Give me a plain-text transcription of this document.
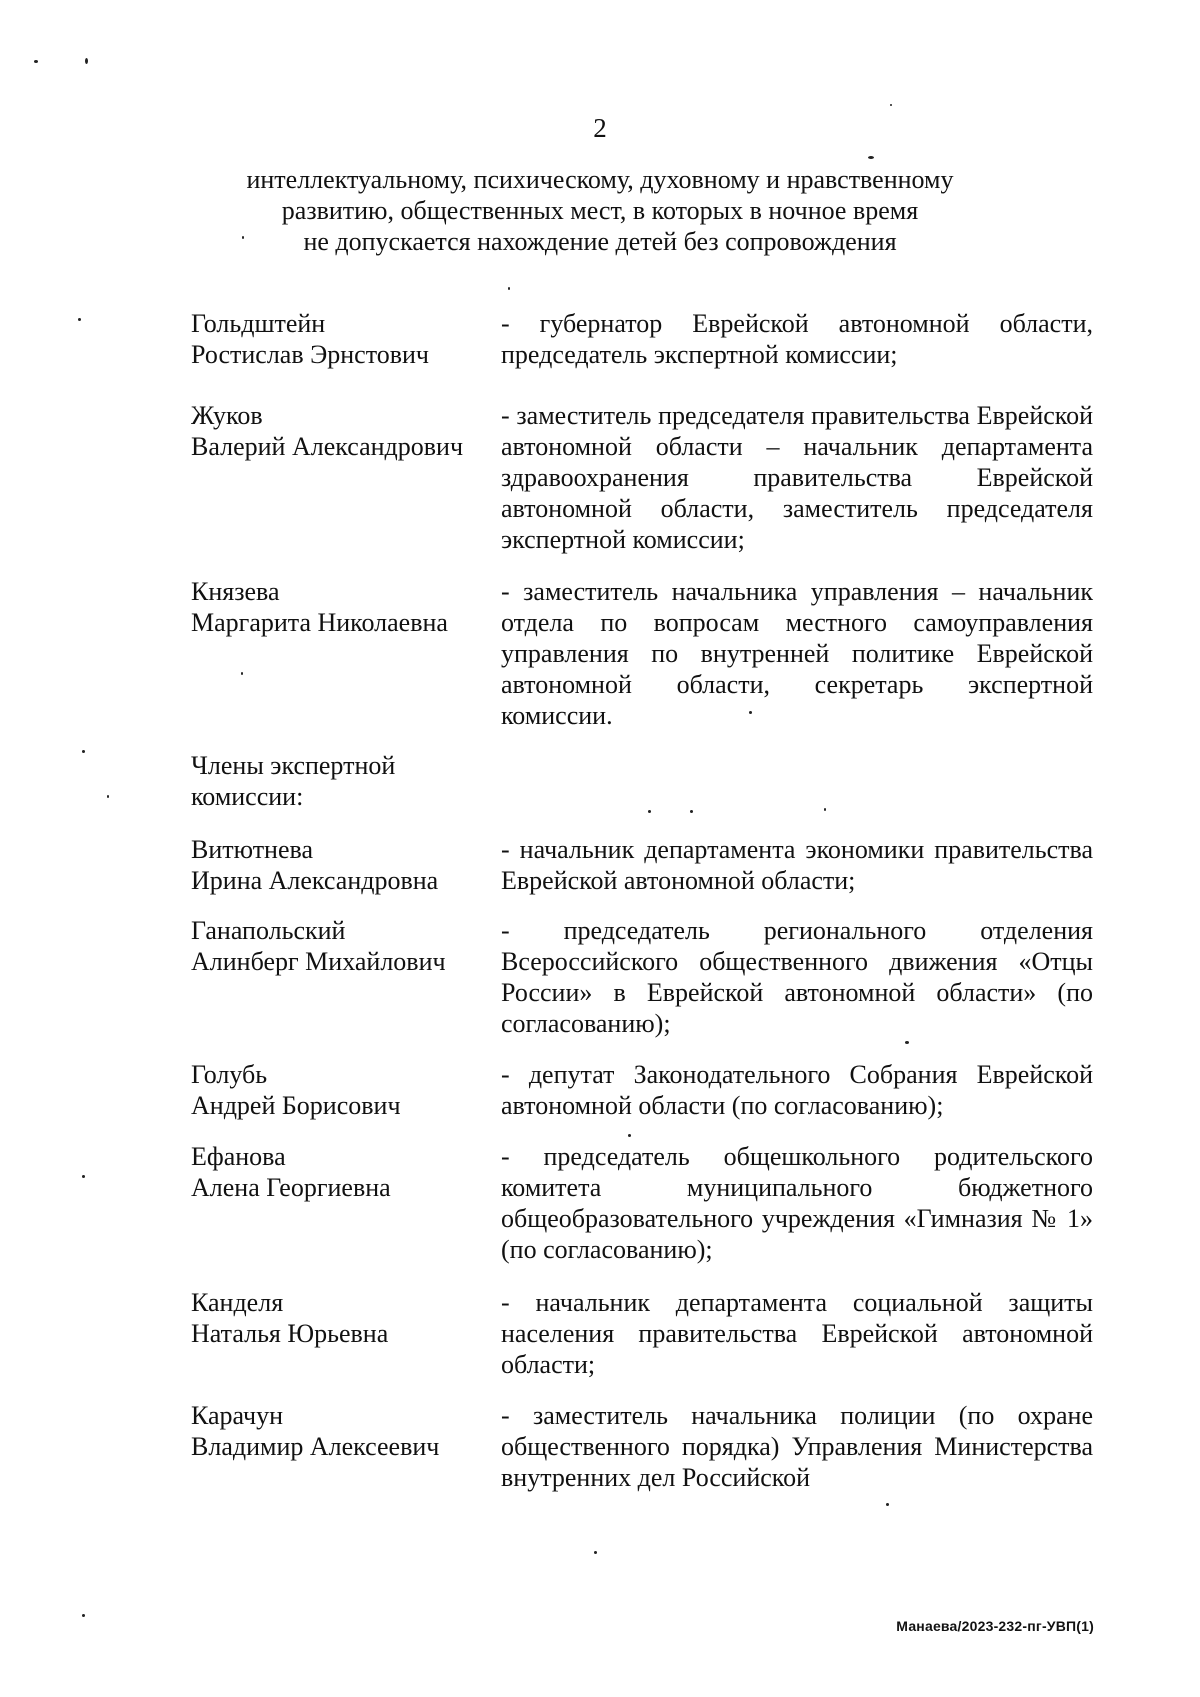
2
интеллектуальному, психическому, духовному и нравственному
развитию, общественных мест, в которых в ночное время
не допускается нахождение детей без сопровождения
Гольдштейн
Ростислав Эрнстович
- губернатор Еврейской автономной области, председатель экспертной комиссии;
Жуков
Валерий Александрович
- заместитель председателя правительства Еврейской автономной области – начальник департамента здравоохранения правительства Еврейской автономной области, заместитель председателя экспертной комиссии;
Князева
Маргарита Николаевна
- заместитель начальника управления – начальник отдела по вопросам местного самоуправления управления по внутренней политике Еврейской автономной области, секретарь экспертной комиссии.
Члены экспертной
комиссии:
Витютнева
Ирина Александровна
- начальник департамента экономики правительства Еврейской автономной области;
Ганапольский
Алинберг Михайлович
- председатель регионального отделения Всероссийского общественного движения «Отцы России» в Еврейской автономной области» (по согласованию);
Голубь
Андрей Борисович
- депутат Законодательного Собрания Еврейской автономной области (по согласованию);
Ефанова
Алена Георгиевна
- председатель общешкольного родительского комитета муниципального бюджетного общеобразовательного учреждения «Гимназия № 1» (по согласованию);
Канделя
Наталья Юрьевна
- начальник департамента социальной защиты населения правительства Еврейской автономной области;
Карачун
Владимир Алексеевич
- заместитель начальника полиции (по охране общественного порядка) Управления Министерства внутренних дел Российской
Манаева/2023-232-пг-УВП(1)
